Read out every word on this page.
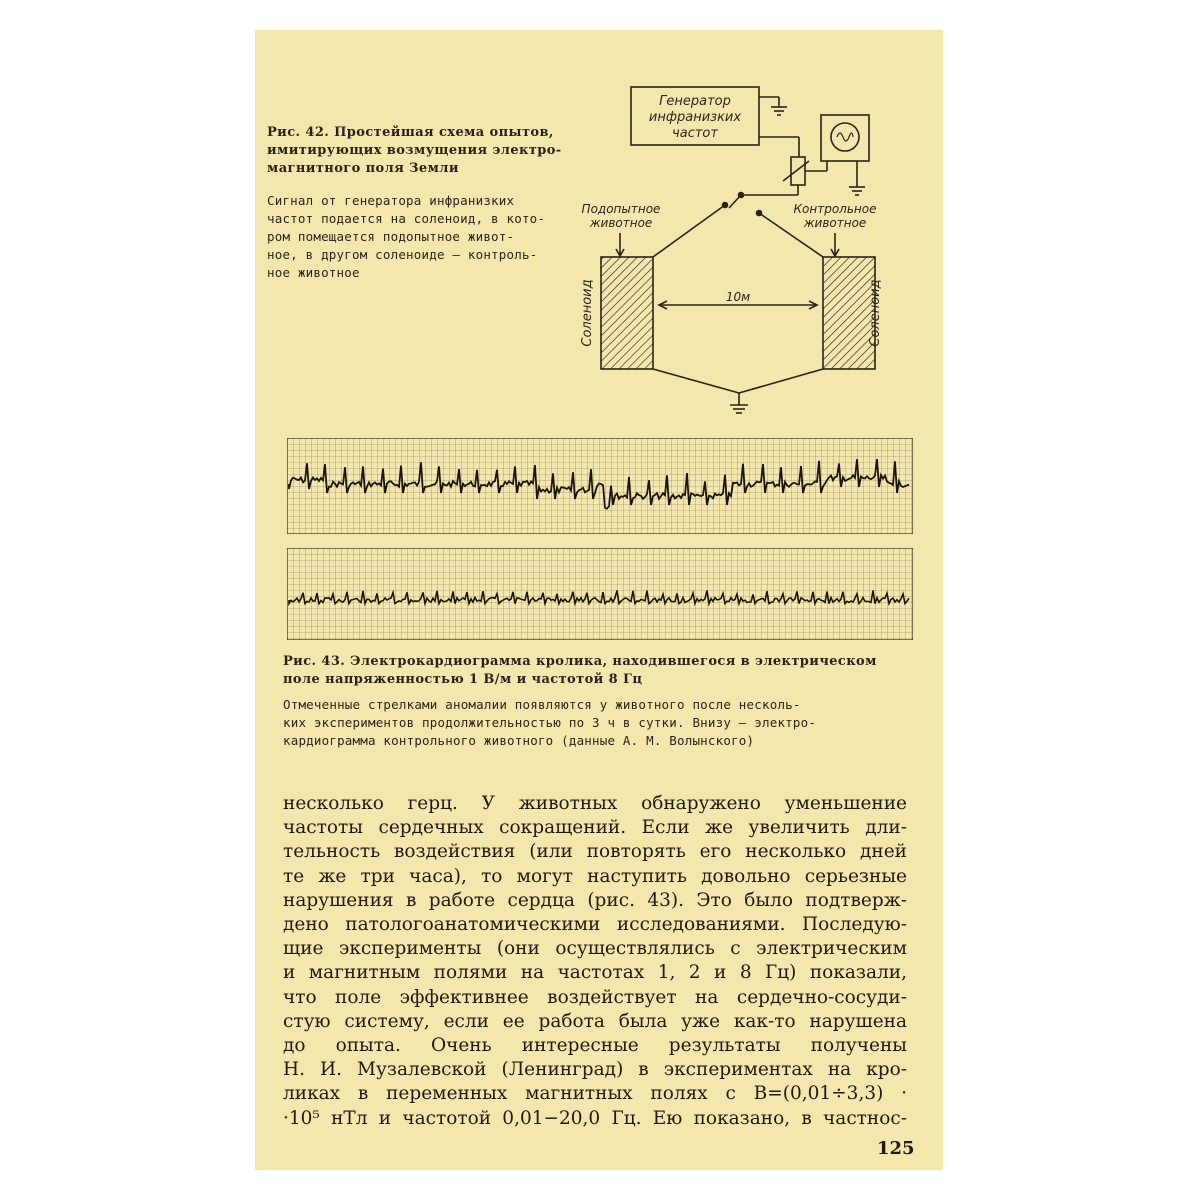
Рис. 42. Простейшая схема опытов,
имитирующих возмущения электро-
магнитного поля Земли
Сигнал от генератора инфранизких
частот подается на соленоид, в кото-
ром помещается подопытное живот-
ное, в другом соленоиде — контроль-
ное животное
Генератор
инфранизких
частот
Подопытное
животное
Контрольное
животное
10м
Соленоид	Соленоид
Рис. 43. Электрокардиограмма кролика, находившегося в электрическом
поле напряженностью 1 В/м и частотой 8 Гц
Отмеченные стрелками аномалии появляются у животного после несколь-
ких экспериментов продолжительностью по 3 ч в сутки. Внизу — электро-
кардиограмма контрольного животного (данные А. М. Волынского)
несколько герц. У животных обнаружено уменьшение
частоты сердечных сокращений. Если же увеличить дли-
тельность воздействия (или повторять его несколько дней
те же три часа), то могут наступить довольно серьезные
нарушения в работе сердца (рис. 43). Это было подтверж-
дено патологоанатомическими исследованиями. Последую-
щие эксперименты (они осуществлялись с электрическим
и магнитным полями на частотах 1, 2 и 8 Гц) показали,
что поле эффективнее воздействует на сердечно-сосуди-
стую систему, если ее работа была уже как-то нарушена
до опыта. Очень интересные результаты получены
Н. И. Музалевской (Ленинград) в экспериментах на кро-
ликах в переменных магнитных полях с B=(0,01÷3,3) ·
·10⁵ нТл и частотой 0,01−20,0 Гц. Ею показано, в частнос-
125
